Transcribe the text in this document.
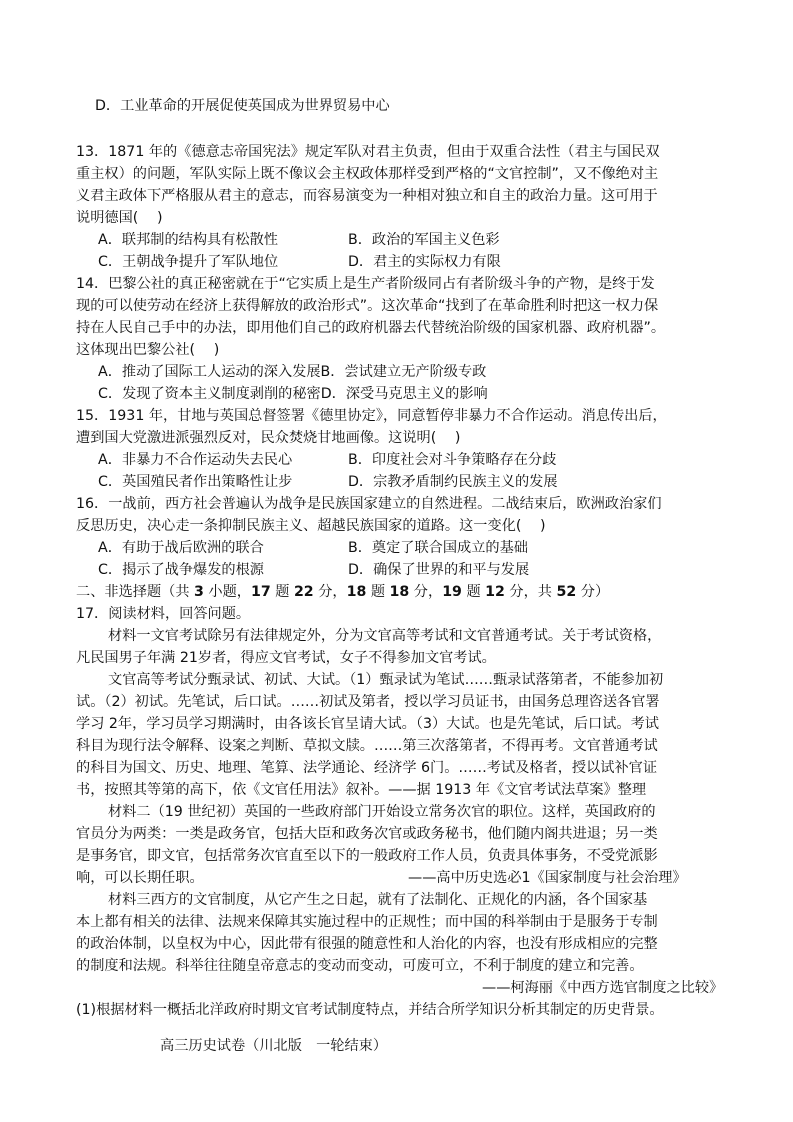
D．工业革命的开展促使英国成为世界贸易中心
13．1871 年的《德意志帝国宪法》规定军队对君主负责，但由于双重合法性（君主与国民双
重主权）的问题，军队实际上既不像议会主权政体那样受到严格的“文官控制”，又不像绝对主
义君主政体下严格服从君主的意志，而容易演变为一种相对独立和自主的政治力量。这可用于
说明德国(　 )
A．联邦制的结构具有松散性	B．政治的军国主义色彩
C．王朝战争提升了军队地位	D．君主的实际权力有限
14．巴黎公社的真正秘密就在于“它实质上是生产者阶级同占有者阶级斗争的产物，是终于发
现的可以使劳动在经济上获得解放的政治形式”。这次革命“找到了在革命胜利时把这一权力保
持在人民自己手中的办法，即用他们自己的政府机器去代替统治阶级的国家机器、政府机器”。
这体现出巴黎公社(　 )
A．推动了国际工人运动的深入发展B．尝试建立无产阶级专政
C．发现了资本主义制度剥削的秘密D．深受马克思主义的影响
15．1931 年，甘地与英国总督签署《德里协定》，同意暂停非暴力不合作运动。消息传出后，
遭到国大党激进派强烈反对，民众焚烧甘地画像。这说明(　 )
A．非暴力不合作运动失去民心	B．印度社会对斗争策略存在分歧
C．英国殖民者作出策略性让步	D．宗教矛盾制约民族主义的发展
16．一战前，西方社会普遍认为战争是民族国家建立的自然进程。二战结束后，欧洲政治家们
反思历史，决心走一条抑制民族主义、超越民族国家的道路。这一变化(　 )
A．有助于战后欧洲的联合	B．奠定了联合国成立的基础
C．揭示了战争爆发的根源	D．确保了世界的和平与发展
二、非选择题（共 3 小题，17 题 22 分，18 题 18 分，19 题 12 分，共 52 分）
17．阅读材料，回答问题。
材料一文官考试除另有法律规定外，分为文官高等考试和文官普通考试。关于考试资格，
凡民国男子年满 21岁者，得应文官考试，女子不得参加文官考试。
文官高等考试分甄录试、初试、大试。（1）甄录试为笔试……甄录试落第者，不能参加初
试。（2）初试。先笔试，后口试。……初试及第者，授以学习员证书，由国务总理咨送各官署
学习 2年，学习员学习期满时，由各该长官呈请大试。（3）大试。也是先笔试，后口试。考试
科目为现行法令解释、设案之判断、草拟文牍。……第三次落第者，不得再考。文官普通考试
的科目为国文、历史、地理、笔算、法学通论、经济学 6门。……考试及格者，授以试补官证
书，按照其等第的高下，依《文官任用法》叙补。——据 1913 年《文官考试法草案》整理
材料二（19 世纪初）英国的一些政府部门开始设立常务次官的职位。这样，英国政府的
官员分为两类：一类是政务官，包括大臣和政务次官或政务秘书，他们随内阁共进退；另一类
是事务官，即文官，包括常务次官直至以下的一般政府工作人员，负责具体事务，不受党派影
响，可以长期任职。	——高中历史选必1《国家制度与社会治理》
材料三西方的文官制度，从它产生之日起，就有了法制化、正规化的内涵，各个国家基
本上都有相关的法律、法规来保障其实施过程中的正规性；而中国的科举制由于是服务于专制
的政治体制，以皇权为中心，因此带有很强的随意性和人治化的内容，也没有形成相应的完整
的制度和法规。科举往往随皇帝意志的变动而变动，可废可立，不利于制度的建立和完善。
——柯海丽《中西方选官制度之比较》
(1)根据材料一概括北洋政府时期文官考试制度特点，并结合所学知识分析其制定的历史背景。
高三历史试卷（川北版　一轮结束）
